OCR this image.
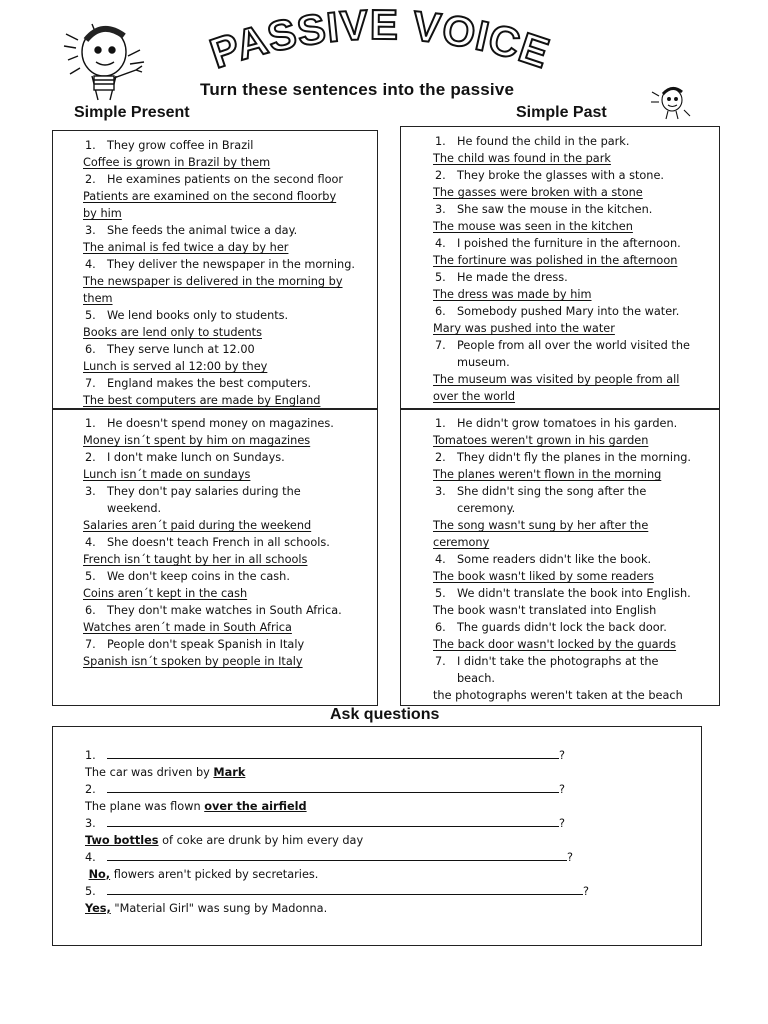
PASSIVE VOICE
Turn these sentences into the passive
Simple Present	Simple Past
1. They grow coffee in Brazil
Coffee is grown in Brazil by them
2. He examines patients on the second floor
Patients are examined on the second floorby
by him
3. She feeds the animal twice a day.
The animal is fed twice a day by her
4. They deliver the newspaper in the morning.
The newspaper is delivered in the morning by
them
5. We lend books only to students.
Books are lend only to students
6. They serve lunch at 12.00
Lunch is served al 12:00 by they
7. England makes the best computers.
The best computers are made by England
1. He doesn't spend money on magazines.
Money isn´t spent by him on magazines
2. I don't make lunch on Sundays.
Lunch isn´t made on sundays
3. They don't pay salaries during the
weekend.
Salaries aren´t paid during the weekend
4. She doesn't teach French in all schools.
French isn´t taught by her in all schools
5. We don't keep coins in the cash.
Coins aren´t kept in the cash
6. They don't make watches in South Africa.
Watches aren´t made in South Africa
7. People don't speak Spanish in Italy
Spanish isn´t spoken by people in Italy
1. He found the child in the park.
The child was found in the park
2. They broke the glasses with a stone.
The gasses were broken with a stone
3. She saw the mouse in the kitchen.
The mouse was seen in the kitchen
4. I poished the furniture in the afternoon.
The fortinure was polished in the afternoon
5. He made the dress.
The dress was made by him
6. Somebody pushed Mary into the water.
Mary was pushed into the water
7. People from all over the world visited the
museum.
The museum was visited by people from all
over the world
1. He didn't grow tomatoes in his garden.
Tomatoes weren't grown in his garden
2. They didn't fly the planes in the morning.
The planes weren't flown in the morning
3. She didn't sing the song after the
ceremony.
The song wasn't sung by her after the
ceremony
4. Some readers didn't like the book.
The book wasn't liked by some readers
5. We didn't translate the book into English.
The book wasn't translated into English
6. The guards didn't lock the back door.
The back door wasn't locked by the guards
7. I didn't take the photographs at the
beach.
the photographs weren't taken at the beach
Ask questions
1.	?
The car was driven by Mark
2.	?
The plane was flown over the airfield
3.	?
Two bottles of coke are drunk by him every day
4.	?
No, flowers aren't picked by secretaries.
5.	?
Yes, "Material Girl" was sung by Madonna.
